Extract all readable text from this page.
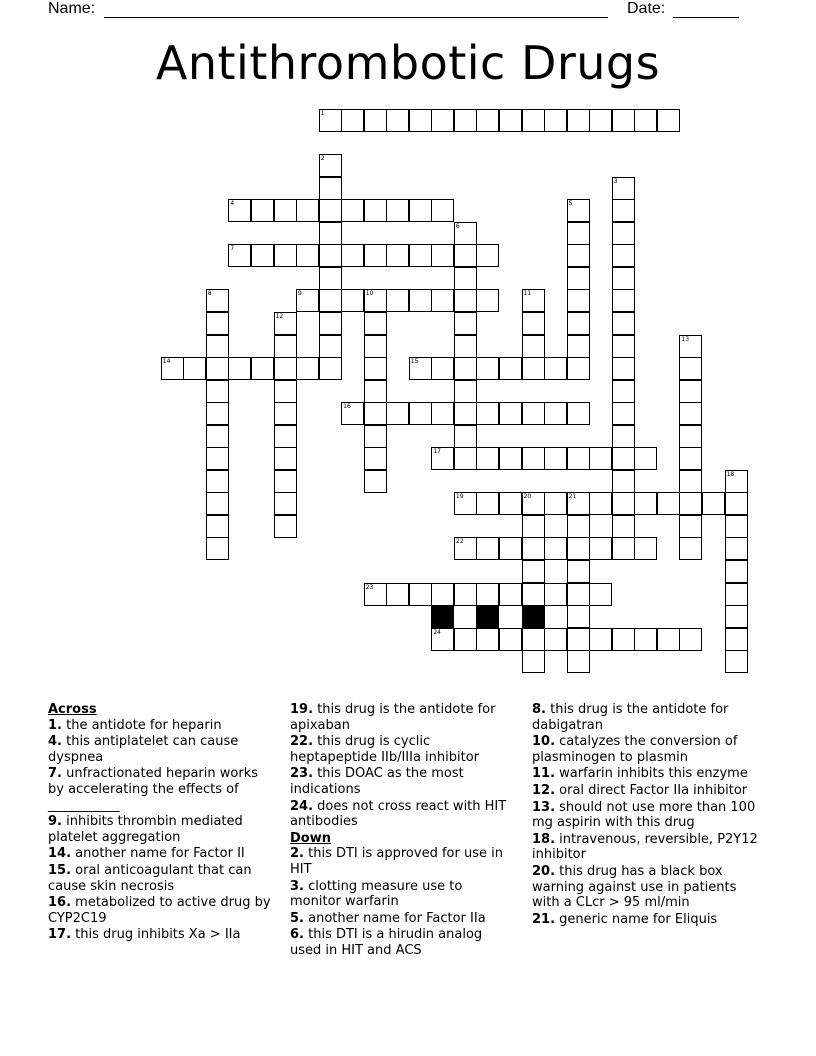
Name:	Date:
Antithrombotic Drugs
1
2
3
4	5
6
7
8	9	10	11
12
13
14	15
16
17
18
19	20	21
22
23
24
Across
1. the antidote for heparin
4. this antiplatelet can cause dyspnea
7. unfractionated heparin works by accelerating the effects of ___________
9. inhibits thrombin mediated platelet aggregation
14. another name for Factor II
15. oral anticoagulant that can cause skin necrosis
16. metabolized to active drug by CYP2C19
17. this drug inhibits Xa > IIa
19. this drug is the antidote for apixaban
22. this drug is cyclic heptapeptide IIb/IIIa inhibitor
23. this DOAC as the most indications
24. does not cross react with HIT antibodies
Down
2. this DTI is approved for use in HIT
3. clotting measure use to monitor warfarin
5. another name for Factor IIa
6. this DTI is a hirudin analog used in HIT and ACS
8. this drug is the antidote for dabigatran
10. catalyzes the conversion of plasminogen to plasmin
11. warfarin inhibits this enzyme
12. oral direct Factor IIa inhibitor
13. should not use more than 100 mg aspirin with this drug
18. intravenous, reversible, P2Y12 inhibitor
20. this drug has a black box warning against use in patients with a CLcr > 95 ml/min
21. generic name for Eliquis
